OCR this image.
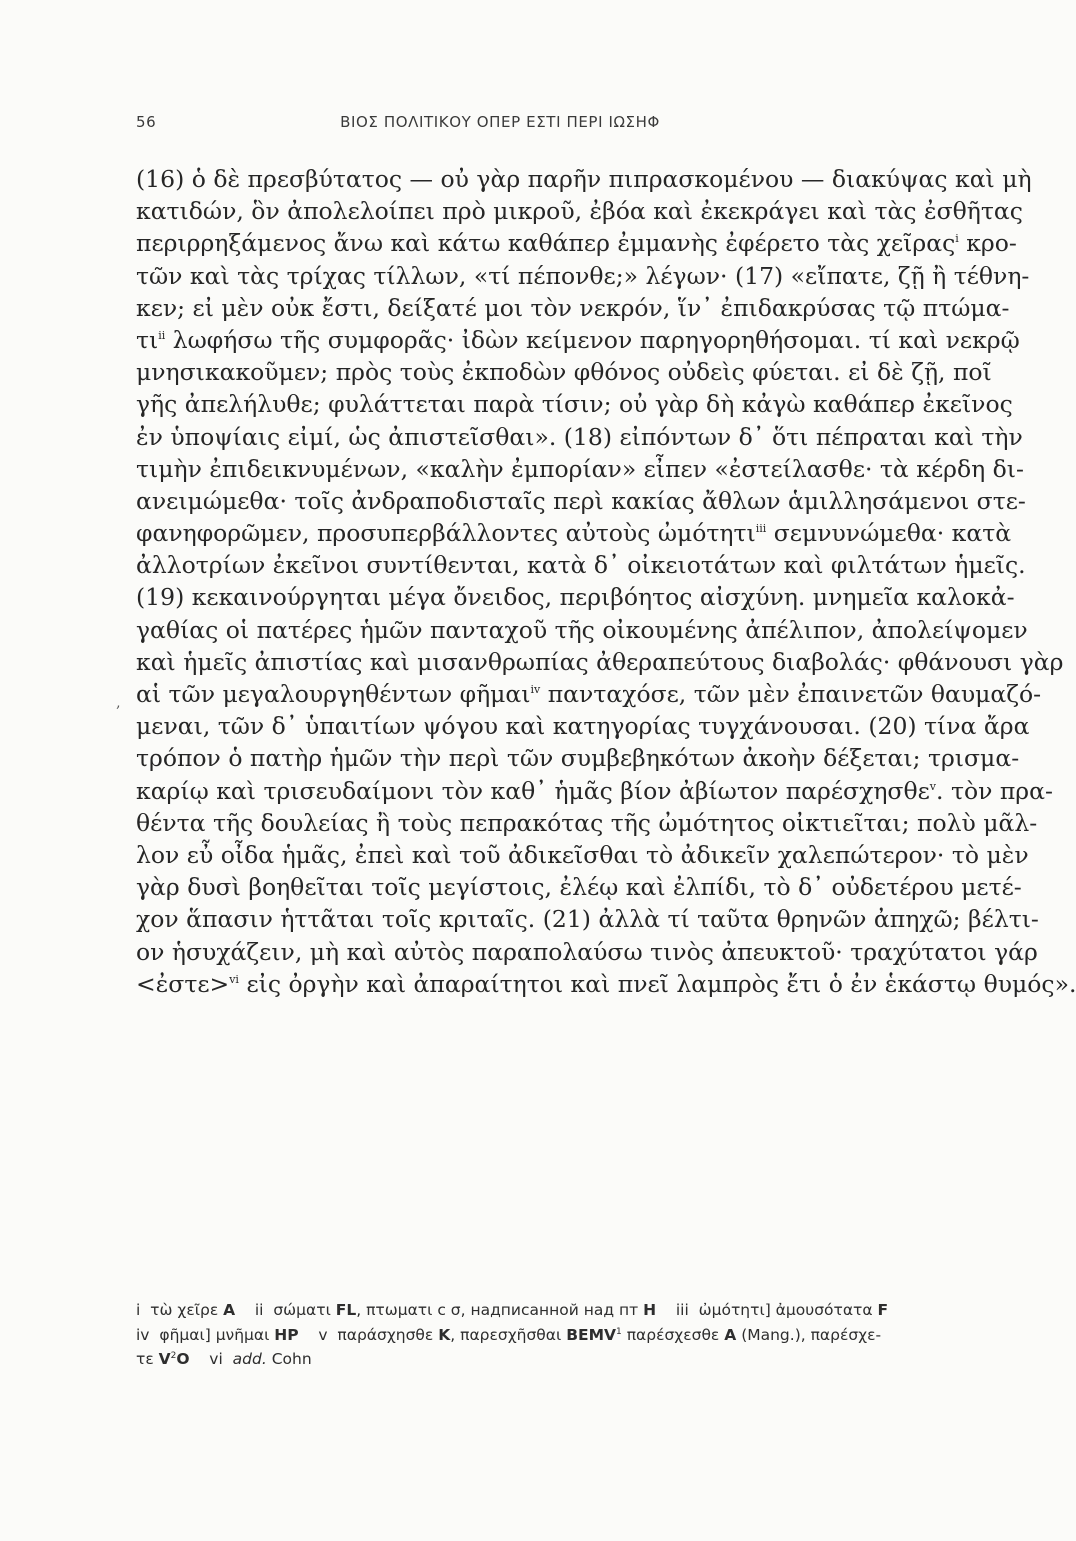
56	ΒΙΟΣ ΠΟΛΙΤΙΚΟΥ ΟΠΕΡ ΕΣΤΙ ΠΕΡΙ ΙΩΣΗΦ
‚
(16) ὁ δὲ πρεσβύτατος — οὐ γὰρ παρῆν πιπρασκομένου — διακύψας καὶ μὴ
κατιδών, ὃν ἀπολελοίπει πρὸ μικροῦ, ἐβόα καὶ ἐκεκράγει καὶ τὰς ἐσθῆτας
περιρρηξάμενος ἄνω καὶ κάτω καθάπερ ἐμμανὴς ἐφέρετο τὰς χεῖρας$^i$ κρο-
τῶν καὶ τὰς τρίχας τίλλων, «τί πέπονθε;» λέγων· (17) «εἴπατε, ζῇ ἢ τέθνη-
κεν; εἰ μὲν οὐκ ἔστι, δείξατέ μοι τὸν νεκρόν, ἵν᾽ ἐπιδακρύσας τῷ πτώμα-
$\tau\iota^{ii}$ λωφήσω τῆς συμφορᾶς· ἰδὼν κείμενον παρηγορηθήσομαι. τί καὶ νεκρῷ
μνησικακοῦμεν; πρὸς τοὺς ἐκποδὼν φθόνος οὐδεὶς φύεται. εἰ δὲ ζῇ, ποῖ
γῆς ἀπελήλυθε; φυλάττεται παρὰ τίσιν; οὐ γὰρ δὴ κἀγὼ καθάπερ ἐκεῖνος
ἐν ὑποψίαις εἰμί, ὡς ἀπιστεῖσθαι». (18) εἰπόντων δ᾽ ὅτι πέπραται καὶ τὴν
τιμὴν ἐπιδεικνυμένων, «καλὴν ἐμπορίαν» εἶπεν «ἐστείλασθε· τὰ κέρδη δι-
ανειμώμεθα· τοῖς ἀνδραποδισταῖς περὶ κακίας ἄθλων ἁμιλλησάμενοι στε-
φανηφορῶμεν, προσυπερβάλλοντες αὐτοὺς ὠμότητι$^{iii}$ σεμνυνώμεθα· κατὰ
ἀλλοτρίων ἐκεῖνοι συντίθενται, κατὰ δ᾽ οἰκειοτάτων καὶ φιλτάτων ἡμεῖς.
(19) κεκαινούργηται μέγα ὄνειδος, περιβόητος αἰσχύνη. μνημεῖα καλοκἀ-
γαθίας οἱ πατέρες ἡμῶν πανταχοῦ τῆς οἰκουμένης ἀπέλιπον, ἀπολείψομεν
καὶ ἡμεῖς ἀπιστίας καὶ μισανθρωπίας ἀθεραπεύτους διαβολάς· φθάνουσι γὰρ
αἱ τῶν μεγαλουργηθέντων φῆμαι$^{iv}$ πανταχόσε, τῶν μὲν ἐπαινετῶν θαυμαζό-
μεναι, τῶν δ᾽ ὑπαιτίων ψόγου καὶ κατηγορίας τυγχάνουσαι. (20) τίνα ἄρα
τρόπον ὁ πατὴρ ἡμῶν τὴν περὶ τῶν συμβεβηκότων ἀκοὴν δέξεται; τρισμα-
καρίῳ καὶ τρισευδαίμονι τὸν καθ᾽ ἡμᾶς βίον ἀβίωτον παρέσχησθε$^v$. τὸν πρα-
θέντα τῆς δουλείας ἢ τοὺς πεπρακότας τῆς ὠμότητος οἰκτιεῖται; πολὺ μᾶλ-
λον εὖ οἶδα ἡμᾶς, ἐπεὶ καὶ τοῦ ἀδικεῖσθαι τὸ ἀδικεῖν χαλεπώτερον· τὸ μὲν
γὰρ δυσὶ βοηθεῖται τοῖς μεγίστοις, ἐλέῳ καὶ ἐλπίδι, τὸ δ᾽ οὐδετέρου μετέ-
χον ἅπασιν ἡττᾶται τοῖς κριταῖς. (21) ἀλλὰ τί ταῦτα θρηνῶν ἀπηχῶ; βέλτι-
ον ἡσυχάζειν, μὴ καὶ αὐτὸς παραπολαύσω τινὸς ἀπευκτοῦ· τραχύτατοι γάρ
<ἐστε>$^{vi}$ εἰς ὀργὴν καὶ ἀπαραίτητοι καὶ πνεῖ λαμπρὸς ἔτι ὁ ἐν ἑκάστῳ θυμός».
i τὼ χεῖρε A ii σώματι FL, πτωματι с σ, надписанной над пт H iii ὠμότητι] ἀμουσότατα F
iv φῆμαι] μνῆμαι HP v παράσχησθε K, παρεσχῆσθαι BEMV$^1$ παρέσχεσθε A (Mang.), παρέσχε-
τε $V^2O$ vi add. Cohn
